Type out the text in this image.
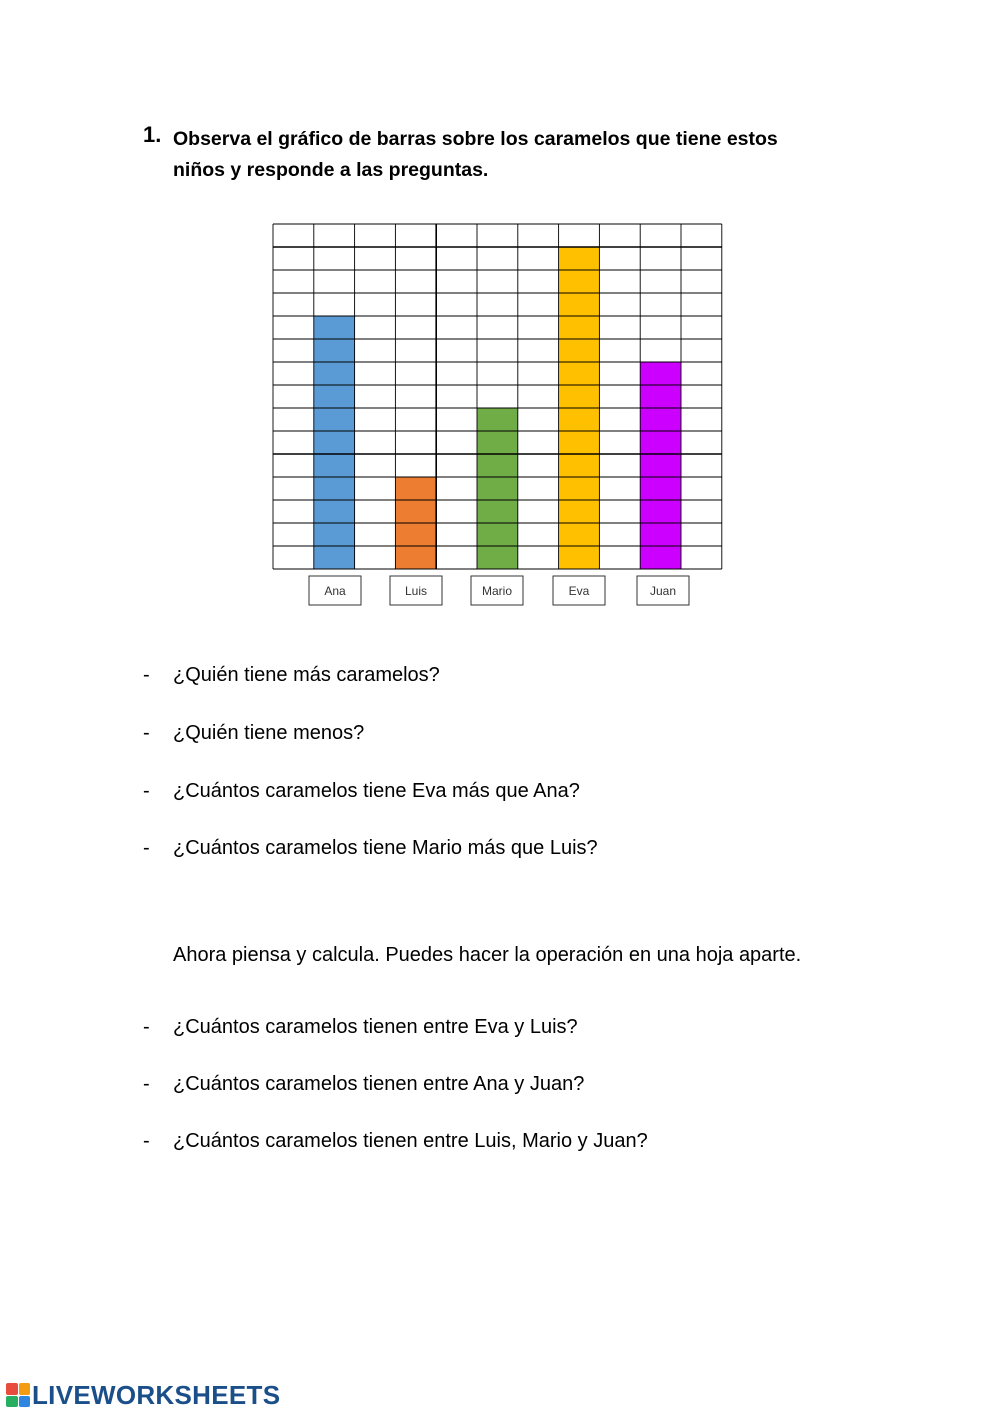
1. Observa el gráfico de barras sobre los caramelos que tiene estos
niños y responde a las preguntas.
Ana	Luis	Mario	Eva	Juan
- ¿Quién tiene más caramelos?
- ¿Quién tiene menos?
- ¿Cuántos caramelos tiene Eva más que Ana?
- ¿Cuántos caramelos tiene Mario más que Luis?
Ahora piensa y calcula. Puedes hacer la operación en una hoja aparte.
- ¿Cuántos caramelos tienen entre Eva y Luis?
- ¿Cuántos caramelos tienen entre Ana y Juan?
- ¿Cuántos caramelos tienen entre Luis, Mario y Juan?
LIVEWORKSHEETS
